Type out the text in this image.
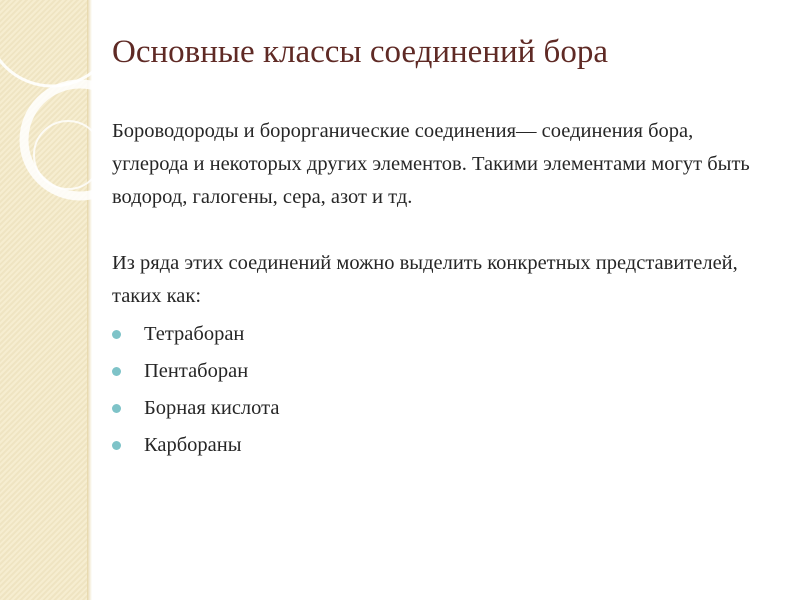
Основные классы соединений бора

Бороводороды и борорганические соединения— соединения бора, углерода и некоторых других элементов. Такими элементами могут быть водород, галогены, сера, азот и тд.

Из ряда этих соединений можно выделить конкретных представителей, таких как:

Тетраборан
Пентаборан
Борная кислота
Карбораны
